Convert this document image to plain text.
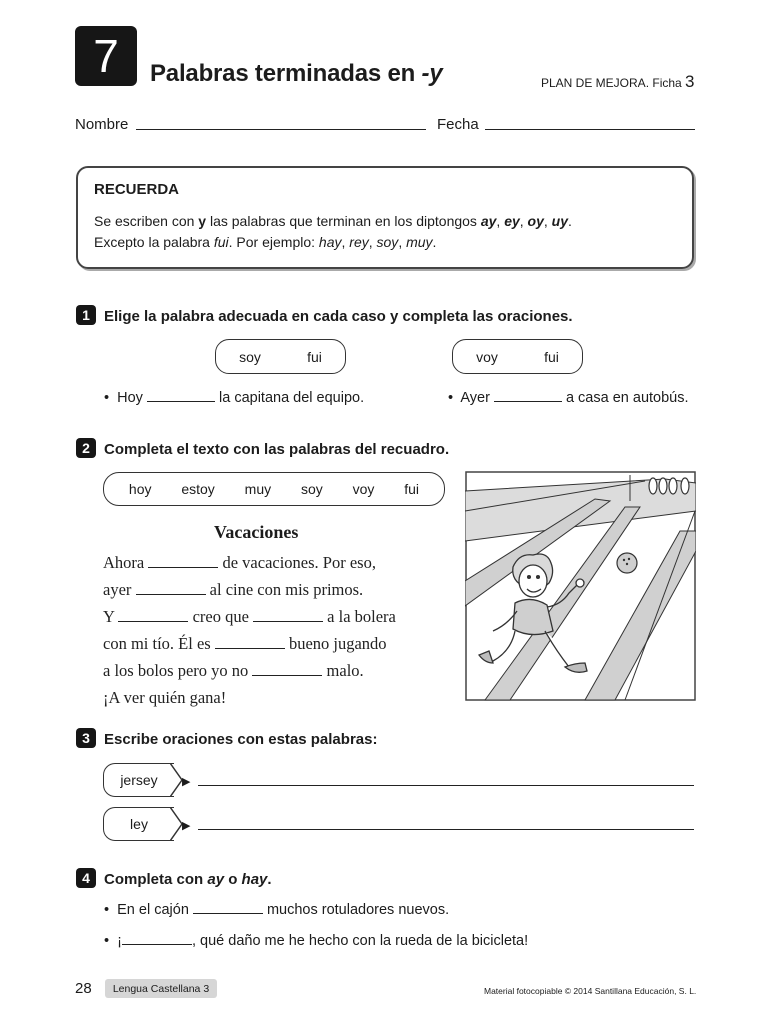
7 Palabras terminadas en -y	PLAN DE MEJORA. Ficha 3
Nombre	Fecha
RECUERDA
Se escriben con y las palabras que terminan en los diptongos ay, ey, oy, uy.
Excepto la palabra fui. Por ejemplo: hay, rey, soy, muy.
1 Elige la palabra adecuada en cada caso y completa las oraciones.
soy	fui	voy	fui
•  Hoy	la capitana del equipo.	•  Ayer	a casa en autobús.
2 Completa el texto con las palabras del recuadro.
hoy estoy muy soy voy fui
Vacaciones
Ahora	de vacaciones. Por eso,
ayer	al cine con mis primos.
Y	creo que	a la bolera
con mi tío. Él es	bueno jugando
a los bolos pero yo no	malo.
¡A ver quién gana!
3 Escribe oraciones con estas palabras:
jersey ▶
ley	▶
4 Completa con ay o hay.
•  En el cajón	muchos rotuladores nuevos.
•  ¡	, qué daño me he hecho con la rueda de la bicicleta!
28	Lengua Castellana 3	Material fotocopiable © 2014 Santillana Educación, S. L.
